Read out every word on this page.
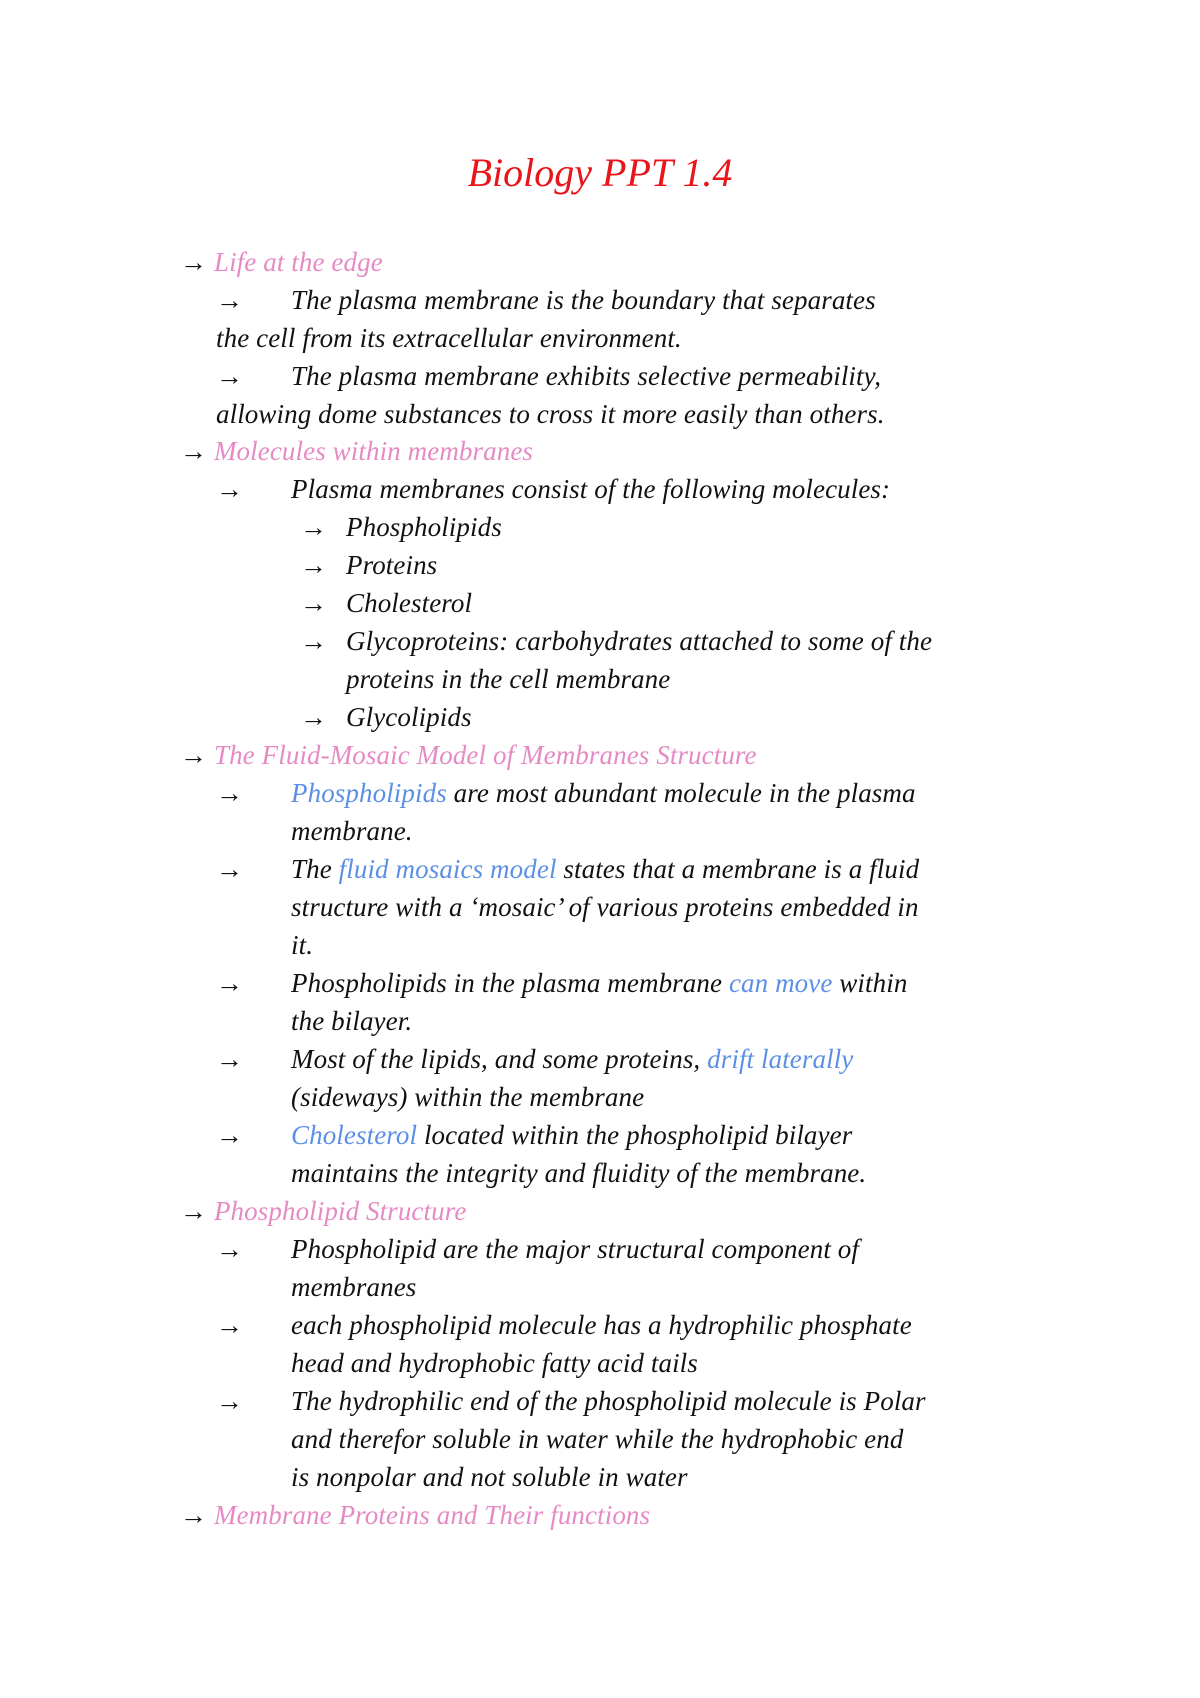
Biology PPT 1.4
→ Life at the edge
→ The plasma membrane is the boundary that separates
the cell from its extracellular environment.
→ The plasma membrane exhibits selective permeability,
allowing dome substances to cross it more easily than others.
→ Molecules within membranes
→ Plasma membranes consist of the following molecules:
→ Phospholipids
→ Proteins
→ Cholesterol
→ Glycoproteins: carbohydrates attached to some of the
proteins in the cell membrane
→ Glycolipids
→ The Fluid-Mosaic Model of Membranes Structure
→ Phospholipids are most abundant molecule in the plasma
membrane.
→ The fluid mosaics model states that a membrane is a fluid
structure with a ‘mosaic’ of various proteins embedded in
it.
→ Phospholipids in the plasma membrane can move within
the bilayer.
→ Most of the lipids, and some proteins, drift laterally
(sideways) within the membrane
→ Cholesterol located within the phospholipid bilayer
maintains the integrity and fluidity of the membrane.
→ Phospholipid Structure
→ Phospholipid are the major structural component of
membranes
→ each phospholipid molecule has a hydrophilic phosphate
head and hydrophobic fatty acid tails
→ The hydrophilic end of the phospholipid molecule is Polar
and therefor soluble in water while the hydrophobic end
is nonpolar and not soluble in water
→ Membrane Proteins and Their functions
